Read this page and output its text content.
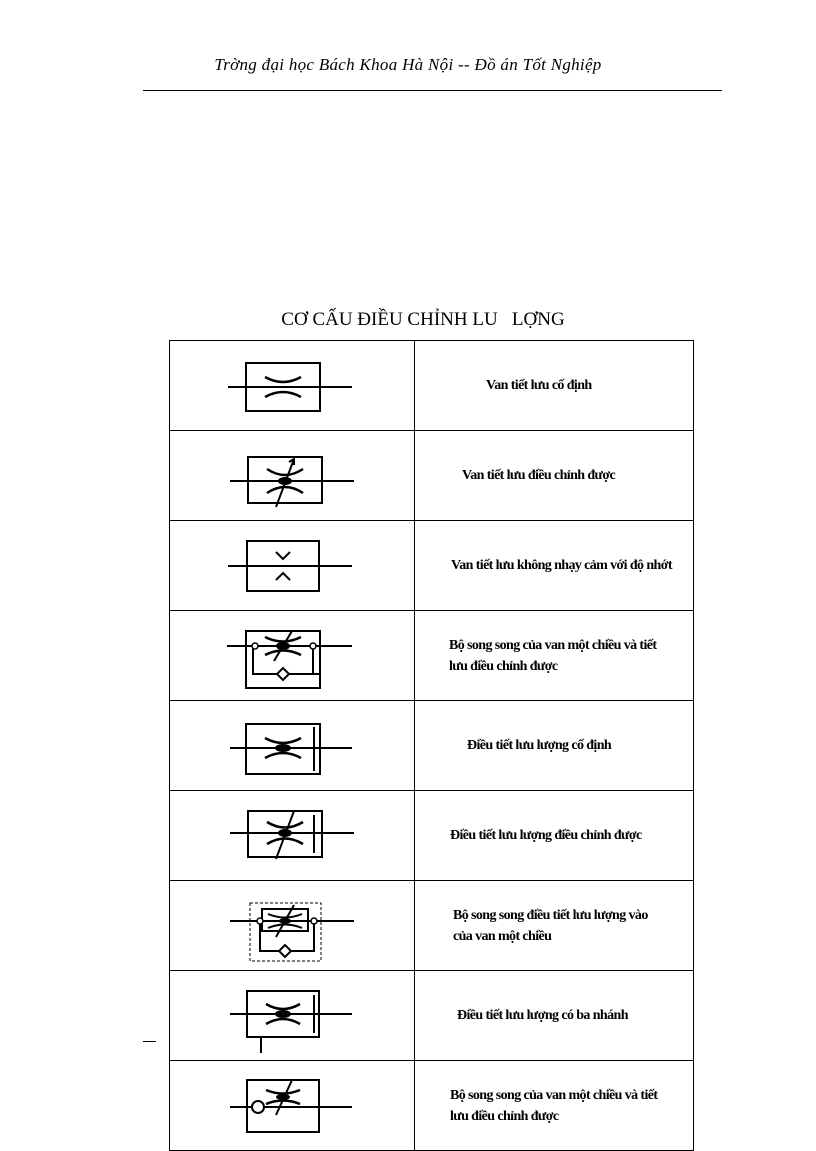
Trờng đại học Bách Khoa Hà Nội -- Đồ án Tốt Nghiệp
CƠ CẤU ĐIỀU CHỈNH LU   LỢNG

Van tiết lưu cố định

Van tiết lưu điều chỉnh được

Van tiết lưu không nhạy cảm với độ nhớt

Bộ song song của van một chiều và tiết lưu điều chỉnh được

Điều tiết lưu lượng cố định

Điều tiết lưu lượng điều chỉnh được

Bộ song song điều tiết lưu lượng vào của van một chiều

Điều tiết lưu lượng có ba nhánh

Bộ song song của van một chiều và tiết lưu điều chỉnh được
